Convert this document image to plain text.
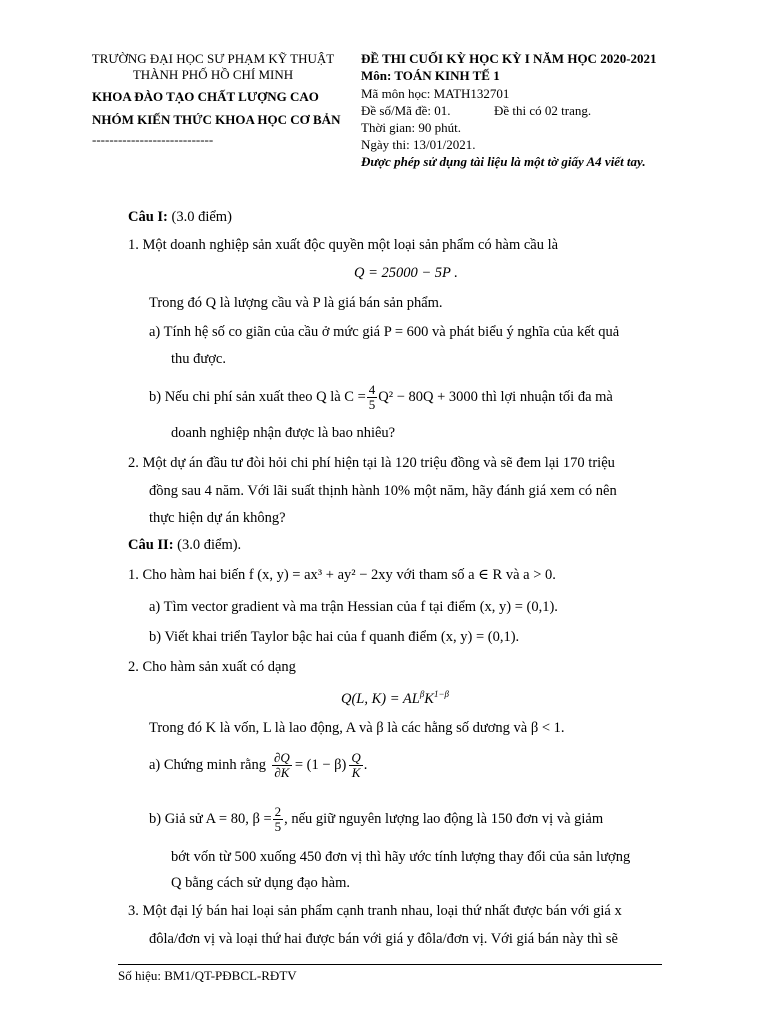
TRƯỜNG ĐẠI HỌC SƯ PHẠM KỸ THUẬT
THÀNH PHỐ HỒ CHÍ MINH
KHOA ĐÀO TẠO CHẤT LƯỢNG CAO
NHÓM KIẾN THỨC KHOA HỌC CƠ BẢN
----------------------------
ĐỀ THI CUỐI KỲ HỌC KỲ I NĂM HỌC 2020-2021
Môn: TOÁN KINH TẾ 1
Mã môn học: MATH132701
Đề số/Mã đề: 01.	Đề thi có 02 trang.
Thời gian: 90 phút.
Ngày thi: 13/01/2021.
Được phép sử dụng tài liệu là một tờ giấy A4 viết tay.
Câu I: (3.0 điểm)
1. Một doanh nghiệp sản xuất độc quyền một loại sản phẩm có hàm cầu là
Q = 25000 − 5P .
Trong đó Q là lượng cầu và P là giá bán sản phẩm.
a) Tính hệ số co giãn của cầu ở mức giá P = 600 và phát biểu ý nghĩa của kết quả
thu được.
b) Nếu chi phí sản xuất theo Q là $C = \frac{4}{5} Q^2 - 80Q + 3000$ thì lợi nhuận tối đa mà
doanh nghiệp nhận được là bao nhiêu?
2. Một dự án đầu tư đòi hỏi chi phí hiện tại là 120 triệu đồng và sẽ đem lại 170 triệu
đồng sau 4 năm. Với lãi suất thịnh hành 10% một năm, hãy đánh giá xem có nên
thực hiện dự án không?
Câu II: (3.0 điểm).
1. Cho hàm hai biến f (x, y) = ax³ + ay² − 2xy với tham số a ∈ R và a > 0.
a) Tìm vector gradient và ma trận Hessian của f tại điểm (x, y) = (0,1).
b) Viết khai triển Taylor bậc hai của f quanh điểm (x, y) = (0,1).
2. Cho hàm sản xuất có dạng
Q(L, $K) = AL^\beta K^{1-\beta}$
Trong đó K là vốn, L là lao động, A và β là các hằng số dương và β < 1.
a) Chứng minh rằng $\frac{\partial Q}{\partial K} = (1 - \beta) \frac{Q}{K}$ .
b) Giả sử A = 80, $\beta = \frac{2}{5}$ , nếu giữ nguyên lượng lao động là 150 đơn vị và giảm
bớt vốn từ 500 xuống 450 đơn vị thì hãy ước tính lượng thay đổi của sản lượng
Q bằng cách sử dụng đạo hàm.
3. Một đại lý bán hai loại sản phẩm cạnh tranh nhau, loại thứ nhất được bán với giá x
đôla/đơn vị và loại thứ hai được bán với giá y đôla/đơn vị. Với giá bán này thì sẽ
Số hiệu: BM1/QT-PĐBCL-RĐTV
